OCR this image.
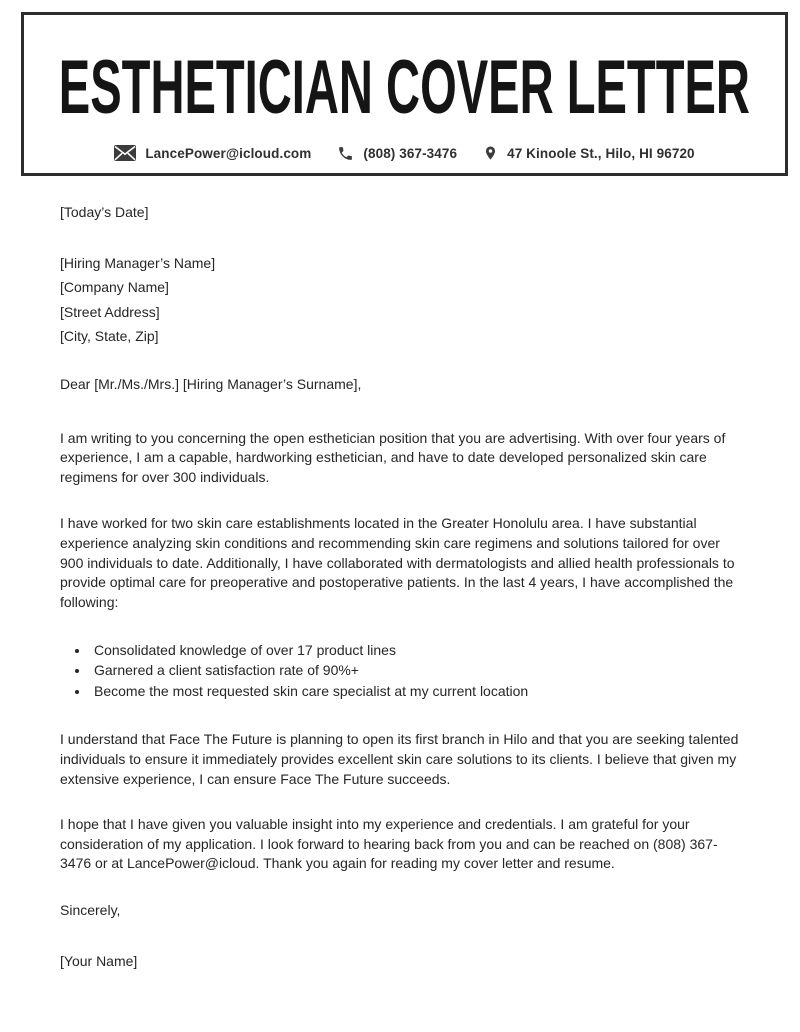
ESTHETICIAN COVER LETTER
LancePower@icloud.com	(808) 367-3476	47 Kinoole St., Hilo, HI 96720

[Today’s Date]

[Hiring Manager’s Name]

[Company Name]

[Street Address]

[City, State, Zip]

Dear [Mr./Ms./Mrs.] [Hiring Manager’s Surname],

I am writing to you concerning the open esthetician position that you are advertising. With over four years of experience, I am a capable, hardworking esthetician, and have to date developed personalized skin care regimens for over 300 individuals.

I have worked for two skin care establishments located in the Greater Honolulu area. I have substantial experience analyzing skin conditions and recommending skin care regimens and solutions tailored for over 900 individuals to date. Additionally, I have collaborated with dermatologists and allied health professionals to provide optimal care for preoperative and postoperative patients. In the last 4 years, I have accomplished the following:

• Consolidated knowledge of over 17 product lines
• Garnered a client satisfaction rate of 90%+
• Become the most requested skin care specialist at my current location

I understand that Face The Future is planning to open its first branch in Hilo and that you are seeking talented individuals to ensure it immediately provides excellent skin care solutions to its clients. I believe that given my extensive experience, I can ensure Face The Future succeeds.

I hope that I have given you valuable insight into my experience and credentials. I am grateful for your consideration of my application. I look forward to hearing back from you and can be reached on (808) 367-3476 or at LancePower@icloud. Thank you again for reading my cover letter and resume.

Sincerely,

[Your Name]
